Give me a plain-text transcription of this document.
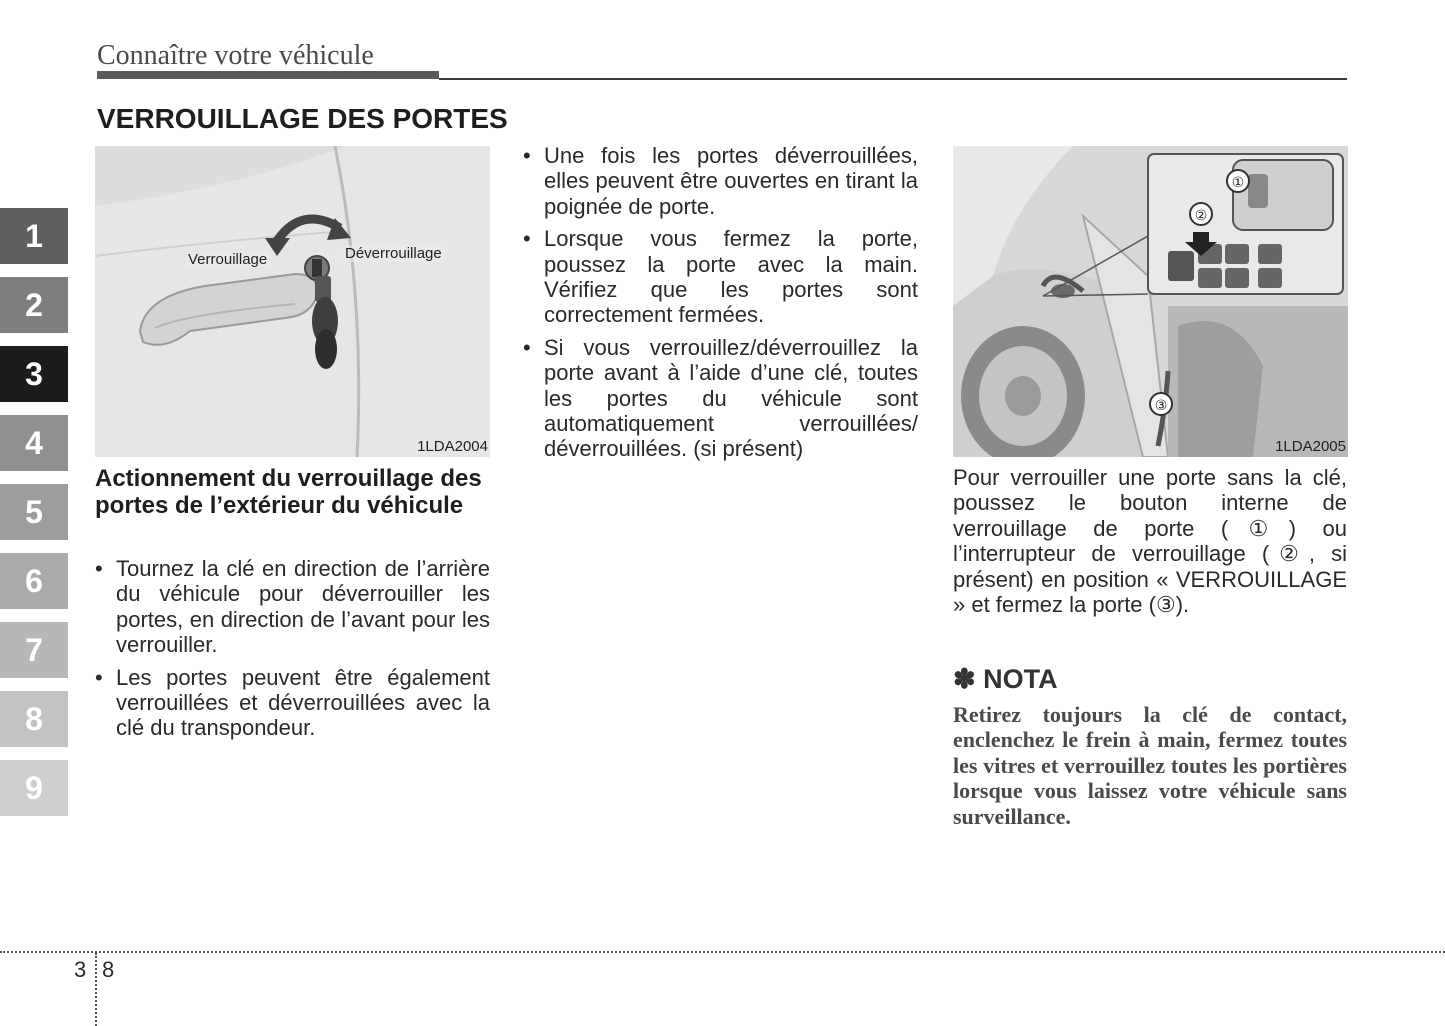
Connaître votre véhicule
VERROUILLAGE DES PORTES
1
2
3
4
5
6
7
8
9
Verrouillage	Déverrouillage
1LDA2004
①
②
③
1LDA2005
Actionnement du verrouillage des portes de l’extérieur du véhicule
• Tournez la clé en direction de l’arrière du véhicule pour déverrouiller les portes, en direction de l’avant pour les verrouiller.
• Les portes peuvent être également verrouillées et déverrouillées avec la clé du transpondeur.
• Une fois les portes déverrouillées, elles peuvent être ouvertes en tirant la poignée de porte.
• Lorsque vous fermez la porte, poussez la porte avec la main. Vérifiez que les portes sont correctement fermées.
• Si vous verrouillez/déverrouillez la porte avant à l’aide d’une clé, toutes les portes du véhicule sont automatiquement verrouillées/ déverrouillées. (si présent)
Pour verrouiller une porte sans la clé, poussez le bouton interne de verrouillage de porte (①) ou l’interrupteur de verrouillage (②, si présent) en position « VERROUILLAGE » et fermez la porte (③).
✽ NOTA
Retirez toujours la clé de contact, enclenchez le frein à main, fermez toutes les vitres et verrouillez toutes les portières lorsque vous laissez votre véhicule sans surveillance.
3 8
